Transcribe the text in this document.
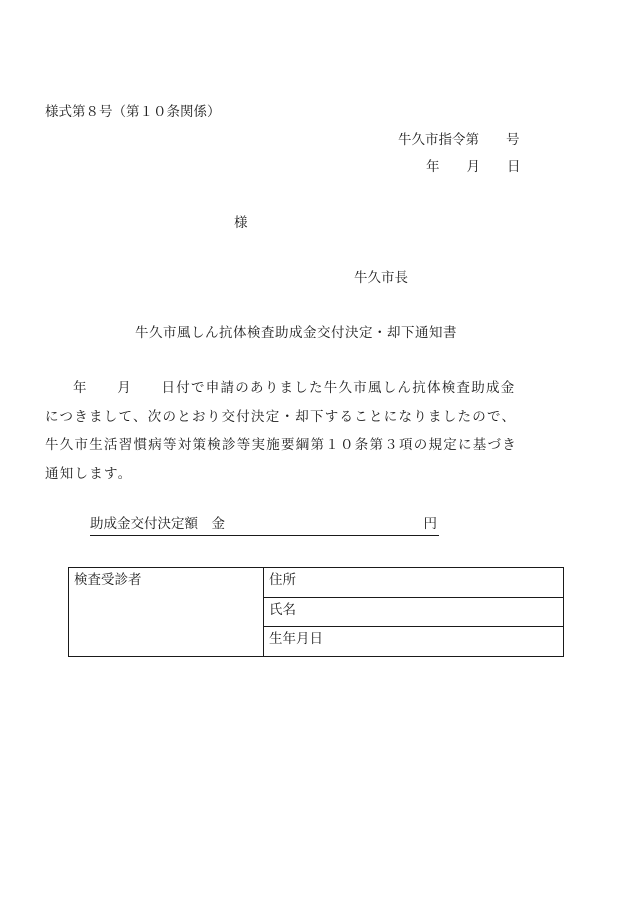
様式第８号（第１０条関係）
牛久市指令第　　号
年　　月　　日
様
牛久市長
牛久市風しん抗体検査助成金交付決定・却下通知書
年　　月　　日付で申請のありました牛久市風しん抗体検査助成金につきまして、次のとおり交付決定・却下することになりましたので、牛久市生活習慣病等対策検診等実施要綱第１０条第３項の規定に基づき通知します。
助成金交付決定額　金	円
検査受診者	住所
氏名
生年月日
